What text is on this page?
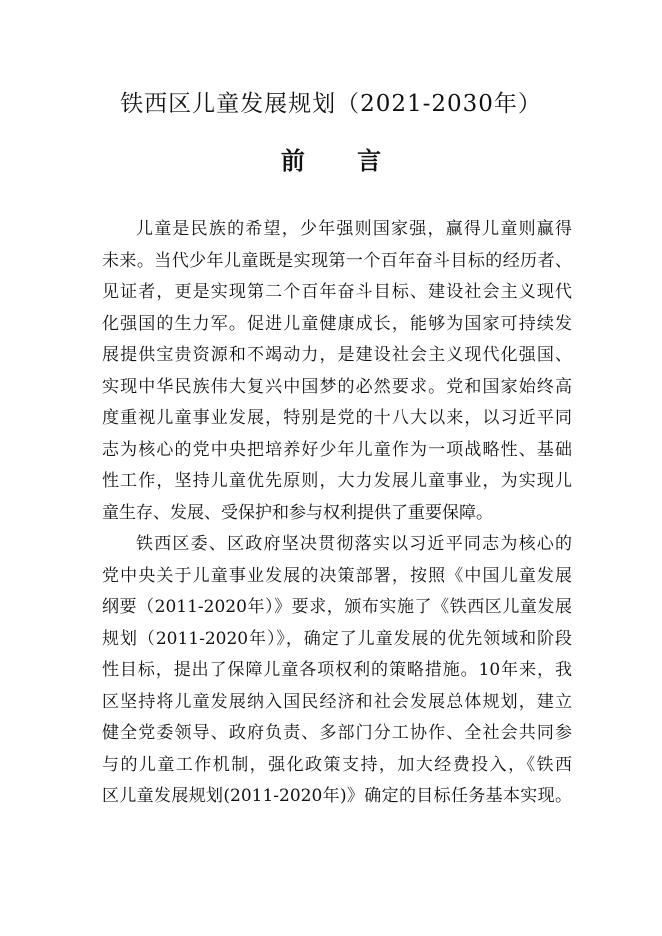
铁西区儿童发展规划（2021-2030年）
前 言
儿童是民族的希望，少年强则国家强，赢得儿童则赢得
未来。当代少年儿童既是实现第一个百年奋斗目标的经历者、
见证者，更是实现第二个百年奋斗目标、建设社会主义现代
化强国的生力军。促进儿童健康成长，能够为国家可持续发
展提供宝贵资源和不竭动力，是建设社会主义现代化强国、
实现中华民族伟大复兴中国梦的必然要求。党和国家始终高
度重视儿童事业发展，特别是党的十八大以来，以习近平同
志为核心的党中央把培养好少年儿童作为一项战略性、基础
性工作，坚持儿童优先原则，大力发展儿童事业，为实现儿
童生存、发展、受保护和参与权利提供了重要保障。
铁西区委、区政府坚决贯彻落实以习近平同志为核心的
党中央关于儿童事业发展的决策部署，按照《中国儿童发展
纲要（2011-2020年）》要求，颁布实施了《铁西区儿童发展
规划（2011-2020年）》，确定了儿童发展的优先领域和阶段
性目标，提出了保障儿童各项权利的策略措施。10年来，我
区坚持将儿童发展纳入国民经济和社会发展总体规划，建立
健全党委领导、政府负责、多部门分工协作、全社会共同参
与的儿童工作机制，强化政策支持，加大经费投入，《铁西
区儿童发展规划(2011-2020年)》确定的目标任务基本实现。
